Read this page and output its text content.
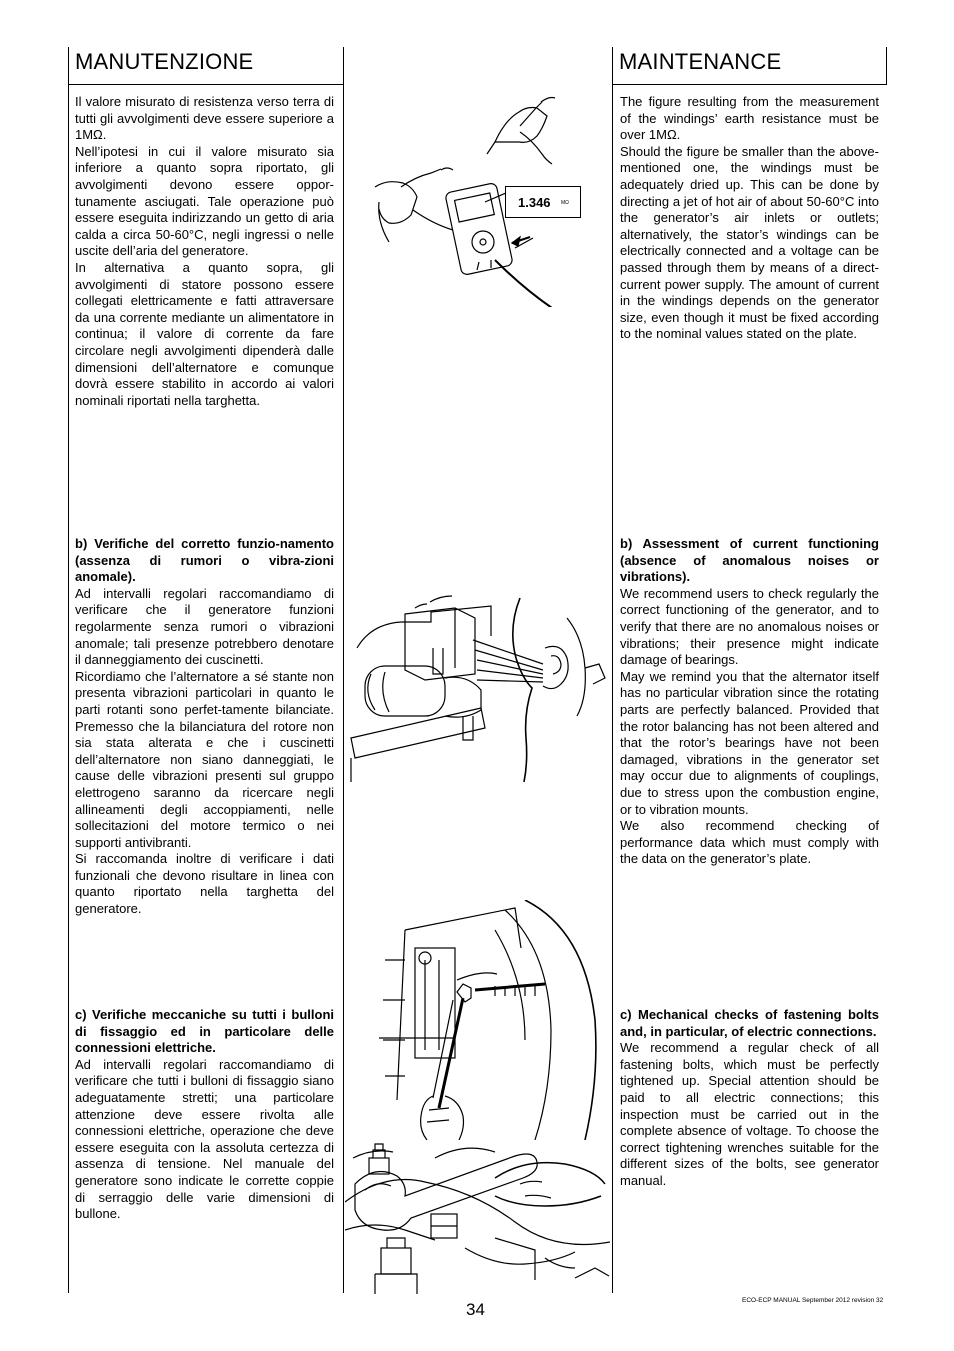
MANUTENZIONE	MAINTENANCE

Il valore misurato di resistenza verso terra di tutti gli avvolgimenti deve essere superiore a 1MΩ.

Nell’ipotesi in cui il valore misurato sia inferiore a quanto sopra riportato, gli avvolgimenti devono essere oppor-tunamente asciugati. Tale operazione può essere eseguita indirizzando un getto di aria calda a circa 50-60°C, negli ingressi o nelle uscite dell’aria del generatore.

In alternativa a quanto sopra, gli avvolgimenti di statore possono essere collegati elettricamente e fatti attraversare da una corrente mediante un alimentatore in continua; il valore di corrente da fare circolare negli avvolgimenti dipenderà dalle dimensioni dell’alternatore e comunque dovrà essere stabilito in accordo ai valori nominali riportati nella targhetta.

b) Verifiche del corretto funzio-namento (assenza di rumori o vibra-zioni anomale).

Ad intervalli regolari raccomandiamo di verificare che il generatore funzioni regolarmente senza rumori o vibrazioni anomale; tali presenze potrebbero denotare il danneggiamento dei cuscinetti.

Ricordiamo che l’alternatore a sé stante non presenta vibrazioni particolari in quanto le parti rotanti sono perfet-tamente bilanciate. Premesso che la bilanciatura del rotore non sia stata alterata e che i cuscinetti dell’alternatore non siano danneggiati, le cause delle vibrazioni presenti sul gruppo elettrogeno saranno da ricercare negli allineamenti degli accoppiamenti, nelle sollecitazioni del motore termico o nei supporti antivibranti.

Si raccomanda inoltre di verificare i dati funzionali che devono risultare in linea con quanto riportato nella targhetta del generatore.

c) Verifiche meccaniche su tutti i bulloni di fissaggio ed in particolare delle connessioni elettriche.

Ad intervalli regolari raccomandiamo di verificare che tutti i bulloni di fissaggio siano adeguatamente stretti; una particolare attenzione deve essere rivolta alle connessioni elettriche, operazione che deve essere eseguita con la assoluta certezza di assenza di tensione. Nel manuale del generatore sono indicate le corrette coppie di serraggio delle varie dimensioni di bullone.

The figure resulting from the measurement of the windings’ earth resistance must be over 1MΩ.

Should the figure be smaller than the above-mentioned one, the windings must be adequately dried up. This can be done by directing a jet of hot air of about 50-60°C into the generator’s air inlets or outlets; alternatively, the stator’s windings can be electrically connected and a voltage can be passed through them by means of a direct-current power supply. The amount of current in the windings depends on the generator size, even though it must be fixed according to the nominal values stated on the plate.

b) Assessment of current functioning (absence of anomalous noises or vibrations).

We recommend users to check regularly the correct functioning of the generator, and to verify that there are no anomalous noises or vibrations; their presence might indicate damage of bearings.

May we remind you that the alternator itself has no particular vibration since the rotating parts are perfectly balanced. Provided that the rotor balancing has not been altered and that the rotor’s bearings have not been damaged, vibrations in the generator set may occur due to alignments of couplings, due to stress upon the combustion engine, or to vibration mounts.

We also recommend checking of performance data which must comply with the data on the generator’s plate.

c) Mechanical checks of fastening bolts and, in particular, of electric connections.

We recommend a regular check of all fastening bolts, which must be perfectly tightened up. Special attention should be paid to all electric connections; this inspection must be carried out in the complete absence of voltage. To choose the correct tightening wrenches suitable for the different sizes of the bolts, see generator manual.

1.346 MΩ
34	ECO-ECP MANUAL September 2012 revision 32
